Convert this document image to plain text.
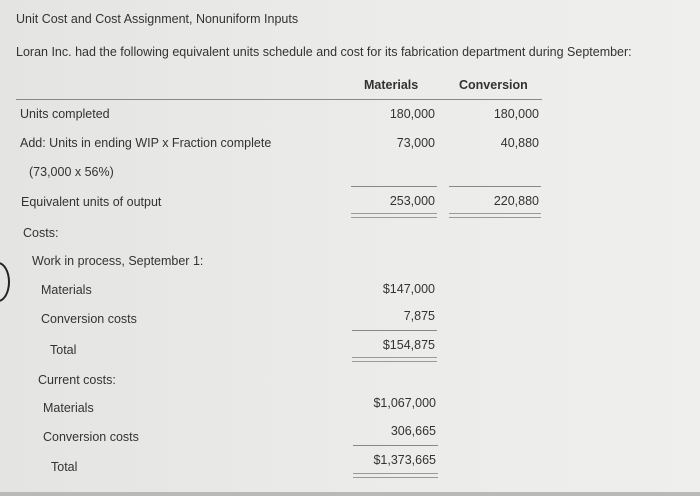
Unit Cost and Cost Assignment, Nonuniform Inputs
Loran Inc. had the following equivalent units schedule and cost for its fabrication department during September:
Materials	Conversion
Units completed	180,000	180,000
Add: Units in ending WIP x Fraction complete	73,000	40,880
(73,000 x 56%)
Equivalent units of output	253,000	220,880
Costs:
Work in process, September 1:
Materials	$147,000
Conversion costs	7,875
Total	$154,875
Current costs:
Materials	$1,067,000
Conversion costs	306,665
Total	$1,373,665
